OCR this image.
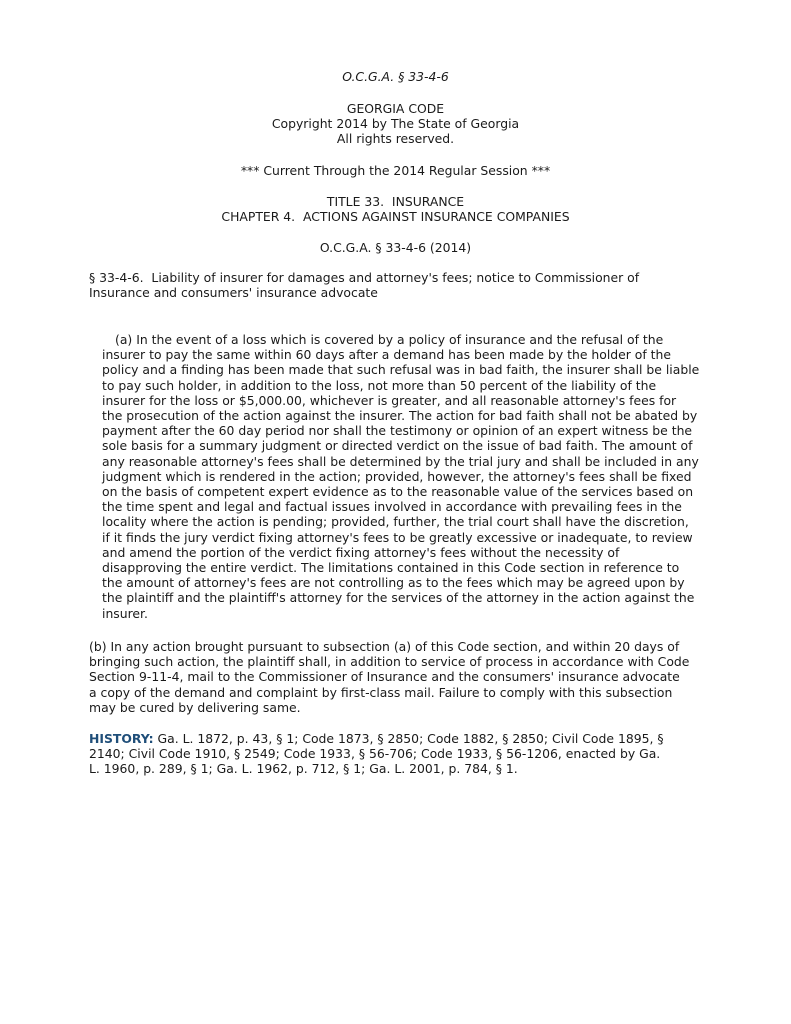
O.C.G.A. § 33-4-6
GEORGIA CODE
Copyright 2014 by The State of Georgia
All rights reserved.
*** Current Through the 2014 Regular Session ***
TITLE 33.  INSURANCE
CHAPTER 4.  ACTIONS AGAINST INSURANCE COMPANIES
O.C.G.A. § 33-4-6 (2014)
§ 33-4-6.  Liability of insurer for damages and attorney's fees; notice to Commissioner of
Insurance and consumers' insurance advocate
(a) In the event of a loss which is covered by a policy of insurance and the refusal of the
insurer to pay the same within 60 days after a demand has been made by the holder of the
policy and a finding has been made that such refusal was in bad faith, the insurer shall be liable
to pay such holder, in addition to the loss, not more than 50 percent of the liability of the
insurer for the loss or $5,000.00, whichever is greater, and all reasonable attorney's fees for
the prosecution of the action against the insurer. The action for bad faith shall not be abated by
payment after the 60 day period nor shall the testimony or opinion of an expert witness be the
sole basis for a summary judgment or directed verdict on the issue of bad faith. The amount of
any reasonable attorney's fees shall be determined by the trial jury and shall be included in any
judgment which is rendered in the action; provided, however, the attorney's fees shall be fixed
on the basis of competent expert evidence as to the reasonable value of the services based on
the time spent and legal and factual issues involved in accordance with prevailing fees in the
locality where the action is pending; provided, further, the trial court shall have the discretion,
if it finds the jury verdict fixing attorney's fees to be greatly excessive or inadequate, to review
and amend the portion of the verdict fixing attorney's fees without the necessity of
disapproving the entire verdict. The limitations contained in this Code section in reference to
the amount of attorney's fees are not controlling as to the fees which may be agreed upon by
the plaintiff and the plaintiff's attorney for the services of the attorney in the action against the
insurer.
(b) In any action brought pursuant to subsection (a) of this Code section, and within 20 days of
bringing such action, the plaintiff shall, in addition to service of process in accordance with Code
Section 9-11-4, mail to the Commissioner of Insurance and the consumers' insurance advocate
a copy of the demand and complaint by first-class mail. Failure to comply with this subsection
may be cured by delivering same.
HISTORY: Ga. L. 1872, p. 43, § 1; Code 1873, § 2850; Code 1882, § 2850; Civil Code 1895, §
2140; Civil Code 1910, § 2549; Code 1933, § 56-706; Code 1933, § 56-1206, enacted by Ga.
L. 1960, p. 289, § 1; Ga. L. 1962, p. 712, § 1; Ga. L. 2001, p. 784, § 1.
